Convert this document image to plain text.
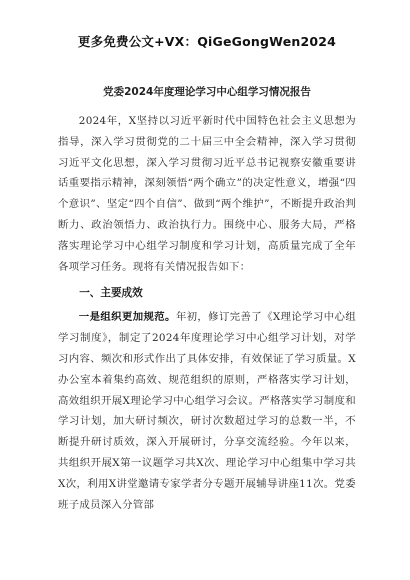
更多免费公文+VX：QiGeGongWen2024
党委2024年度理论学习中心组学习情况报告

2024年，X坚持以习近平新时代中国特色社会主义思想为指导，深入学习贯彻党的二十届三中全会精神，深入学习贯彻习近平文化思想，深入学习贯彻习近平总书记视察安徽重要讲话重要指示精神，深刻领悟“两个确立”的决定性意义，增强“四个意识”、坚定“四个自信”、做到“两个维护”，不断提升政治判断力、政治领悟力、政治执行力。围绕中心、服务大局，严格落实理论学习中心组学习制度和学习计划，高质量完成了全年各项学习任务。现将有关情况报告如下：

一、主要成效

一是组织更加规范。年初，修订完善了《X理论学习中心组学习制度》，制定了2024年度理论学习中心组学习计划，对学习内容、频次和形式作出了具体安排，有效保证了学习质量。X办公室本着集约高效、规范组织的原则，严格落实学习计划，高效组织开展X理论学习中心组学习会议。严格落实学习制度和学习计划，加大研讨频次，研讨次数超过学习的总数一半，不断提升研讨质效，深入开展研讨，分享交流经验。今年以来，共组织开展X第一议题学习共X次、理论学习中心组集中学习共X次，利用X讲堂邀请专家学者分专题开展辅导讲座11次。党委班子成员深入分管部
